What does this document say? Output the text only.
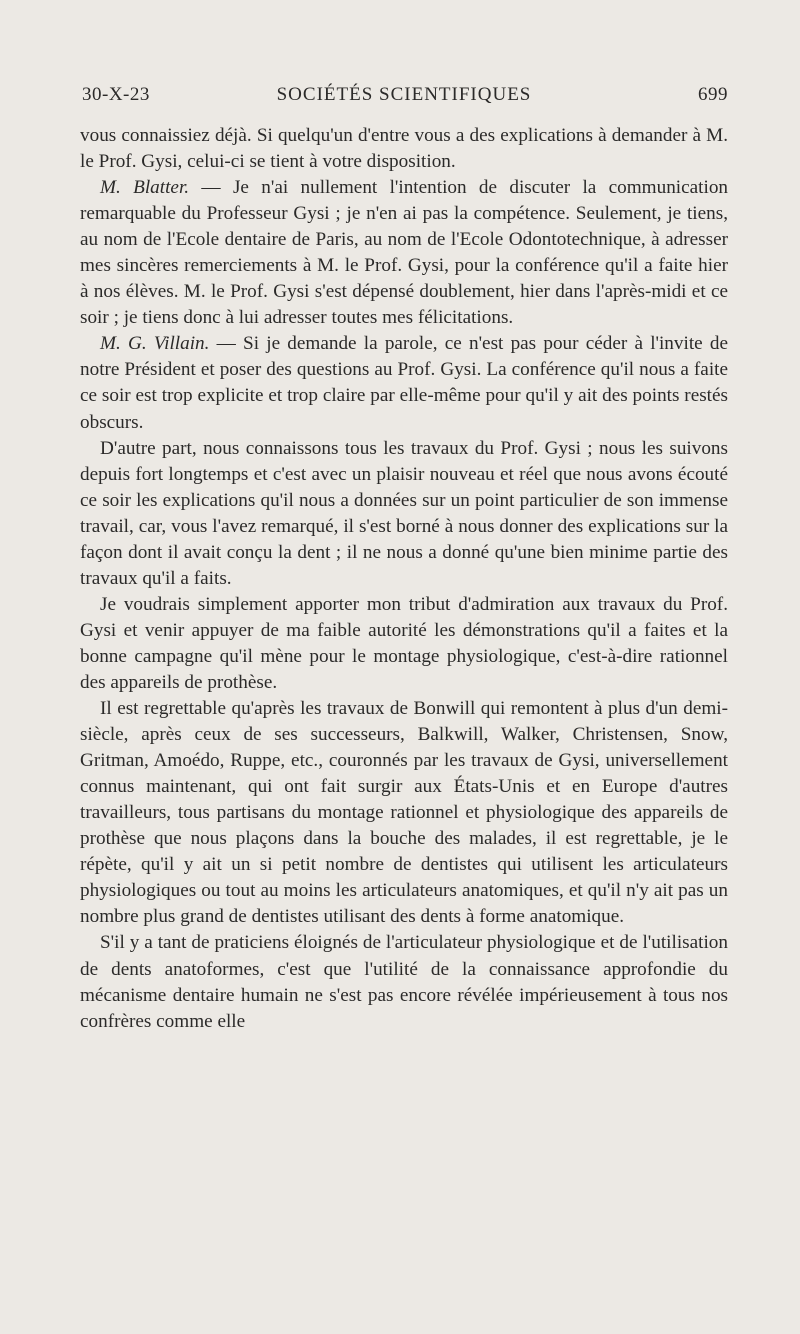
30-X-23	SOCIÉTÉS SCIENTIFIQUES	699

vous connaissiez déjà. Si quelqu'un d'entre vous a des explications à demander à M. le Prof. Gysi, celui-ci se tient à votre disposition.

M. Blatter. — Je n'ai nullement l'intention de discuter la communication remarquable du Professeur Gysi ; je n'en ai pas la compétence. Seulement, je tiens, au nom de l'Ecole dentaire de Paris, au nom de l'Ecole Odontotechnique, à adresser mes sincères remerciements à M. le Prof. Gysi, pour la conférence qu'il a faite hier à nos élèves. M. le Prof. Gysi s'est dépensé doublement, hier dans l'après-midi et ce soir ; je tiens donc à lui adresser toutes mes félicitations.

M. G. Villain. — Si je demande la parole, ce n'est pas pour céder à l'invite de notre Président et poser des questions au Prof. Gysi. La conférence qu'il nous a faite ce soir est trop explicite et trop claire par elle-même pour qu'il y ait des points restés obscurs.

D'autre part, nous connaissons tous les travaux du Prof. Gysi ; nous les suivons depuis fort longtemps et c'est avec un plaisir nouveau et réel que nous avons écouté ce soir les explications qu'il nous a données sur un point particulier de son immense travail, car, vous l'avez remarqué, il s'est borné à nous donner des explications sur la façon dont il avait conçu la dent ; il ne nous a donné qu'une bien minime partie des travaux qu'il a faits.

Je voudrais simplement apporter mon tribut d'admiration aux travaux du Prof. Gysi et venir appuyer de ma faible autorité les démonstrations qu'il a faites et la bonne campagne qu'il mène pour le montage physiologique, c'est-à-dire rationnel des appareils de prothèse.

Il est regrettable qu'après les travaux de Bonwill qui remontent à plus d'un demi-siècle, après ceux de ses successeurs, Balkwill, Walker, Christensen, Snow, Gritman, Amoédo, Ruppe, etc., couronnés par les travaux de Gysi, universellement connus maintenant, qui ont fait surgir aux États-Unis et en Europe d'autres travailleurs, tous partisans du montage rationnel et physiologique des appareils de prothèse que nous plaçons dans la bouche des malades, il est regrettable, je le répète, qu'il y ait un si petit nombre de dentistes qui utilisent les articulateurs physiologiques ou tout au moins les articulateurs anatomiques, et qu'il n'y ait pas un nombre plus grand de dentistes utilisant des dents à forme anatomique.

S'il y a tant de praticiens éloignés de l'articulateur physiologique et de l'utilisation de dents anatoformes, c'est que l'utilité de la connaissance approfondie du mécanisme dentaire humain ne s'est pas encore révélée impérieusement à tous nos confrères comme elle
